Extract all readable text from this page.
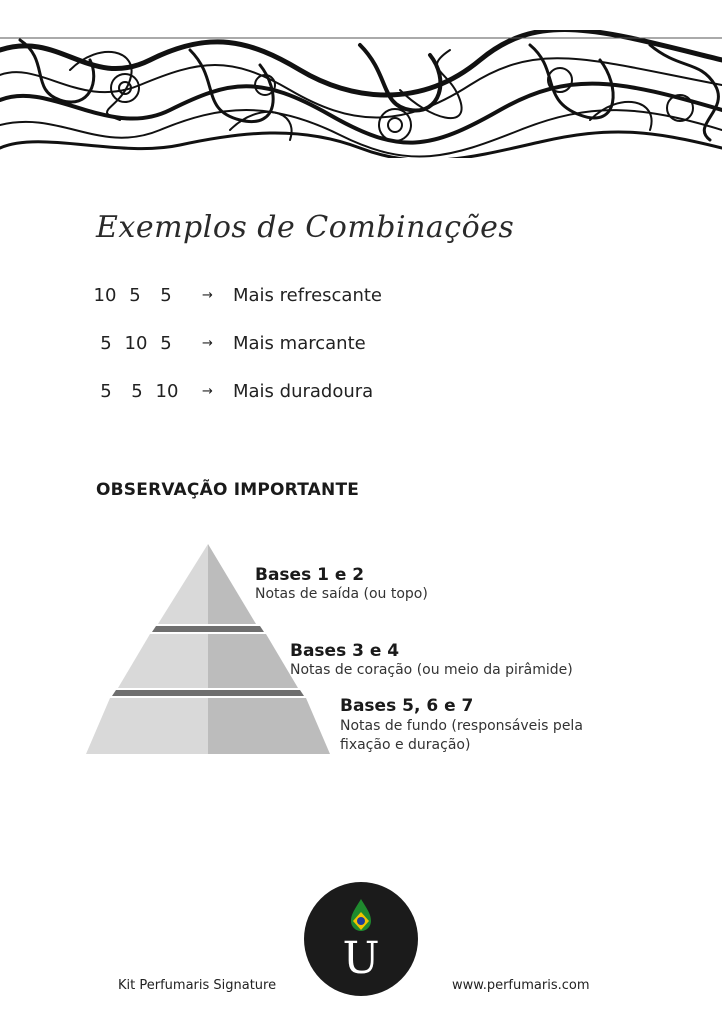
Exemplos de Combinações
10 5	5	→ Mais refrescante
5 10 5	→ Mais marcante
5	5 10 → Mais duradoura
OBSERVAÇÃO IMPORTANTE
Bases 1 e 2

Notas de saída (ou topo)

Bases 3 e 4

Notas de coração (ou meio da pirâmide)

Bases 5, 6 e 7

Notas de fundo (responsáveis pela

fixação e duração)

U
Kit Perfumaris Signature	www.perfumaris.com
